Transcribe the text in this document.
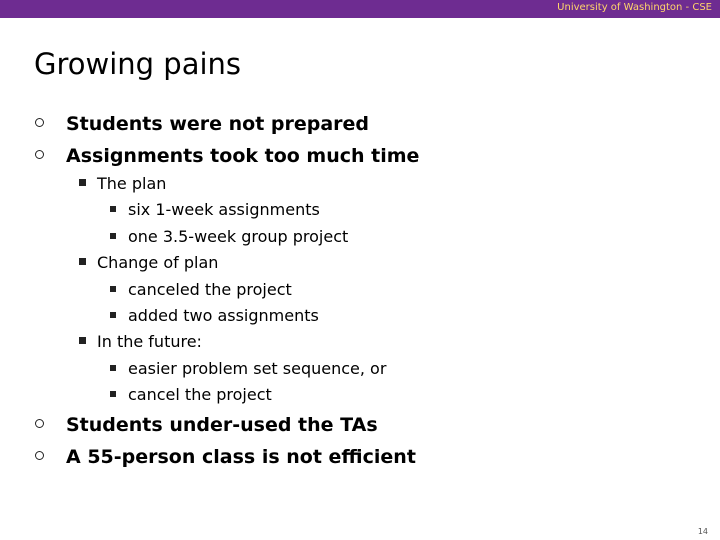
University of Washington - CSE
Growing pains
Students were not prepared
Assignments took too much time
The plan
six 1-week assignments
one 3.5-week group project
Change of plan
canceled the project
added two assignments
In the future:
easier problem set sequence, or
cancel the project
Students under-used the TAs
A 55-person class is not efficient
14
